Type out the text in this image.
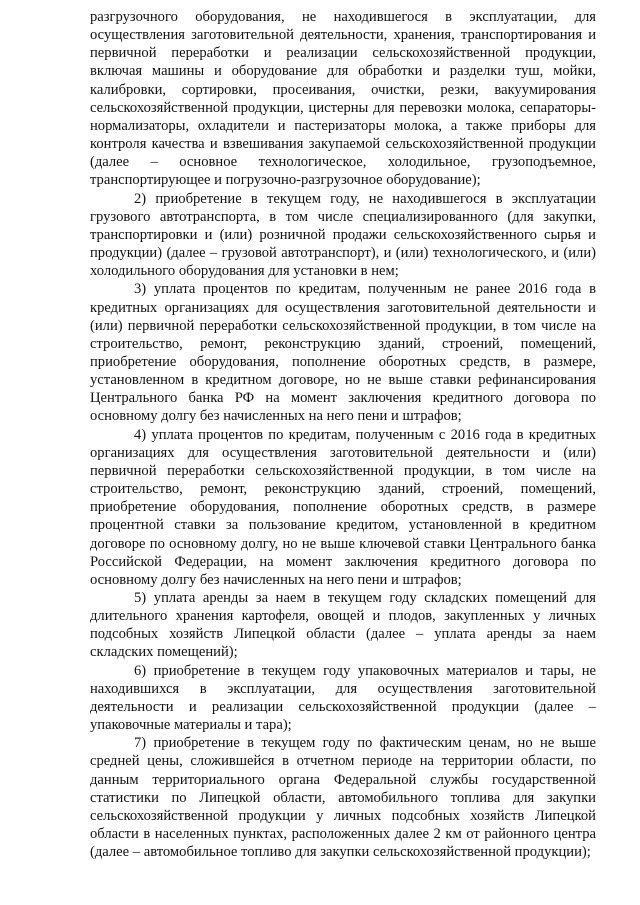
разгрузочного оборудования, не находившегося в эксплуатации, для осуществления заготовительной деятельности, хранения, транспортирования и первичной переработки и реализации сельскохозяйственной продукции, включая машины и оборудование для обработки и разделки туш, мойки, калибровки, сортировки, просеивания, очистки, резки, вакуумирования сельскохозяйственной продукции, цистерны для перевозки молока, сепараторы-нормализаторы, охладители и пастеризаторы молока, а также приборы для контроля качества и взвешивания закупаемой сельскохозяйственной продукции (далее – основное технологическое, холодильное, грузоподъемное, транспортирующее и погрузочно-разгрузочное оборудование);

2) приобретение в текущем году, не находившегося в эксплуатации грузового автотранспорта, в том числе специализированного (для закупки, транспортировки и (или) розничной продажи сельскохозяйственного сырья и продукции) (далее – грузовой автотранспорт), и (или) технологического, и (или) холодильного оборудования для установки в нем;

3) уплата процентов по кредитам, полученным не ранее 2016 года в кредитных организациях для осуществления заготовительной деятельности и (или) первичной переработки сельскохозяйственной продукции, в том числе на строительство, ремонт, реконструкцию зданий, строений, помещений, приобретение оборудования, пополнение оборотных средств, в размере, установленном в кредитном договоре, но не выше ставки рефинансирования Центрального банка РФ на момент заключения кредитного договора по основному долгу без начисленных на него пени и штрафов;

4) уплата процентов по кредитам, полученным с 2016 года в кредитных организациях для осуществления заготовительной деятельности и (или) первичной переработки сельскохозяйственной продукции, в том числе на строительство, ремонт, реконструкцию зданий, строений, помещений, приобретение оборудования, пополнение оборотных средств, в размере процентной ставки за пользование кредитом, установленной в кредитном договоре по основному долгу, но не выше ключевой ставки Центрального банка Российской Федерации, на момент заключения кредитного договора по основному долгу без начисленных на него пени и штрафов;

5) уплата аренды за наем в текущем году складских помещений для длительного хранения картофеля, овощей и плодов, закупленных у личных подсобных хозяйств Липецкой области (далее – уплата аренды за наем складских помещений);

6) приобретение в текущем году упаковочных материалов и тары, не находившихся в эксплуатации, для осуществления заготовительной деятельности и реализации сельскохозяйственной продукции (далее – упаковочные материалы и тара);

7) приобретение в текущем году по фактическим ценам, но не выше средней цены, сложившейся в отчетном периоде на территории области, по данным территориального органа Федеральной службы государственной статистики по Липецкой области, автомобильного топлива для закупки сельскохозяйственной продукции у личных подсобных хозяйств Липецкой области в населенных пунктах, расположенных далее 2 км от районного центра (далее – автомобильное топливо для закупки сельскохозяйственной продукции);
